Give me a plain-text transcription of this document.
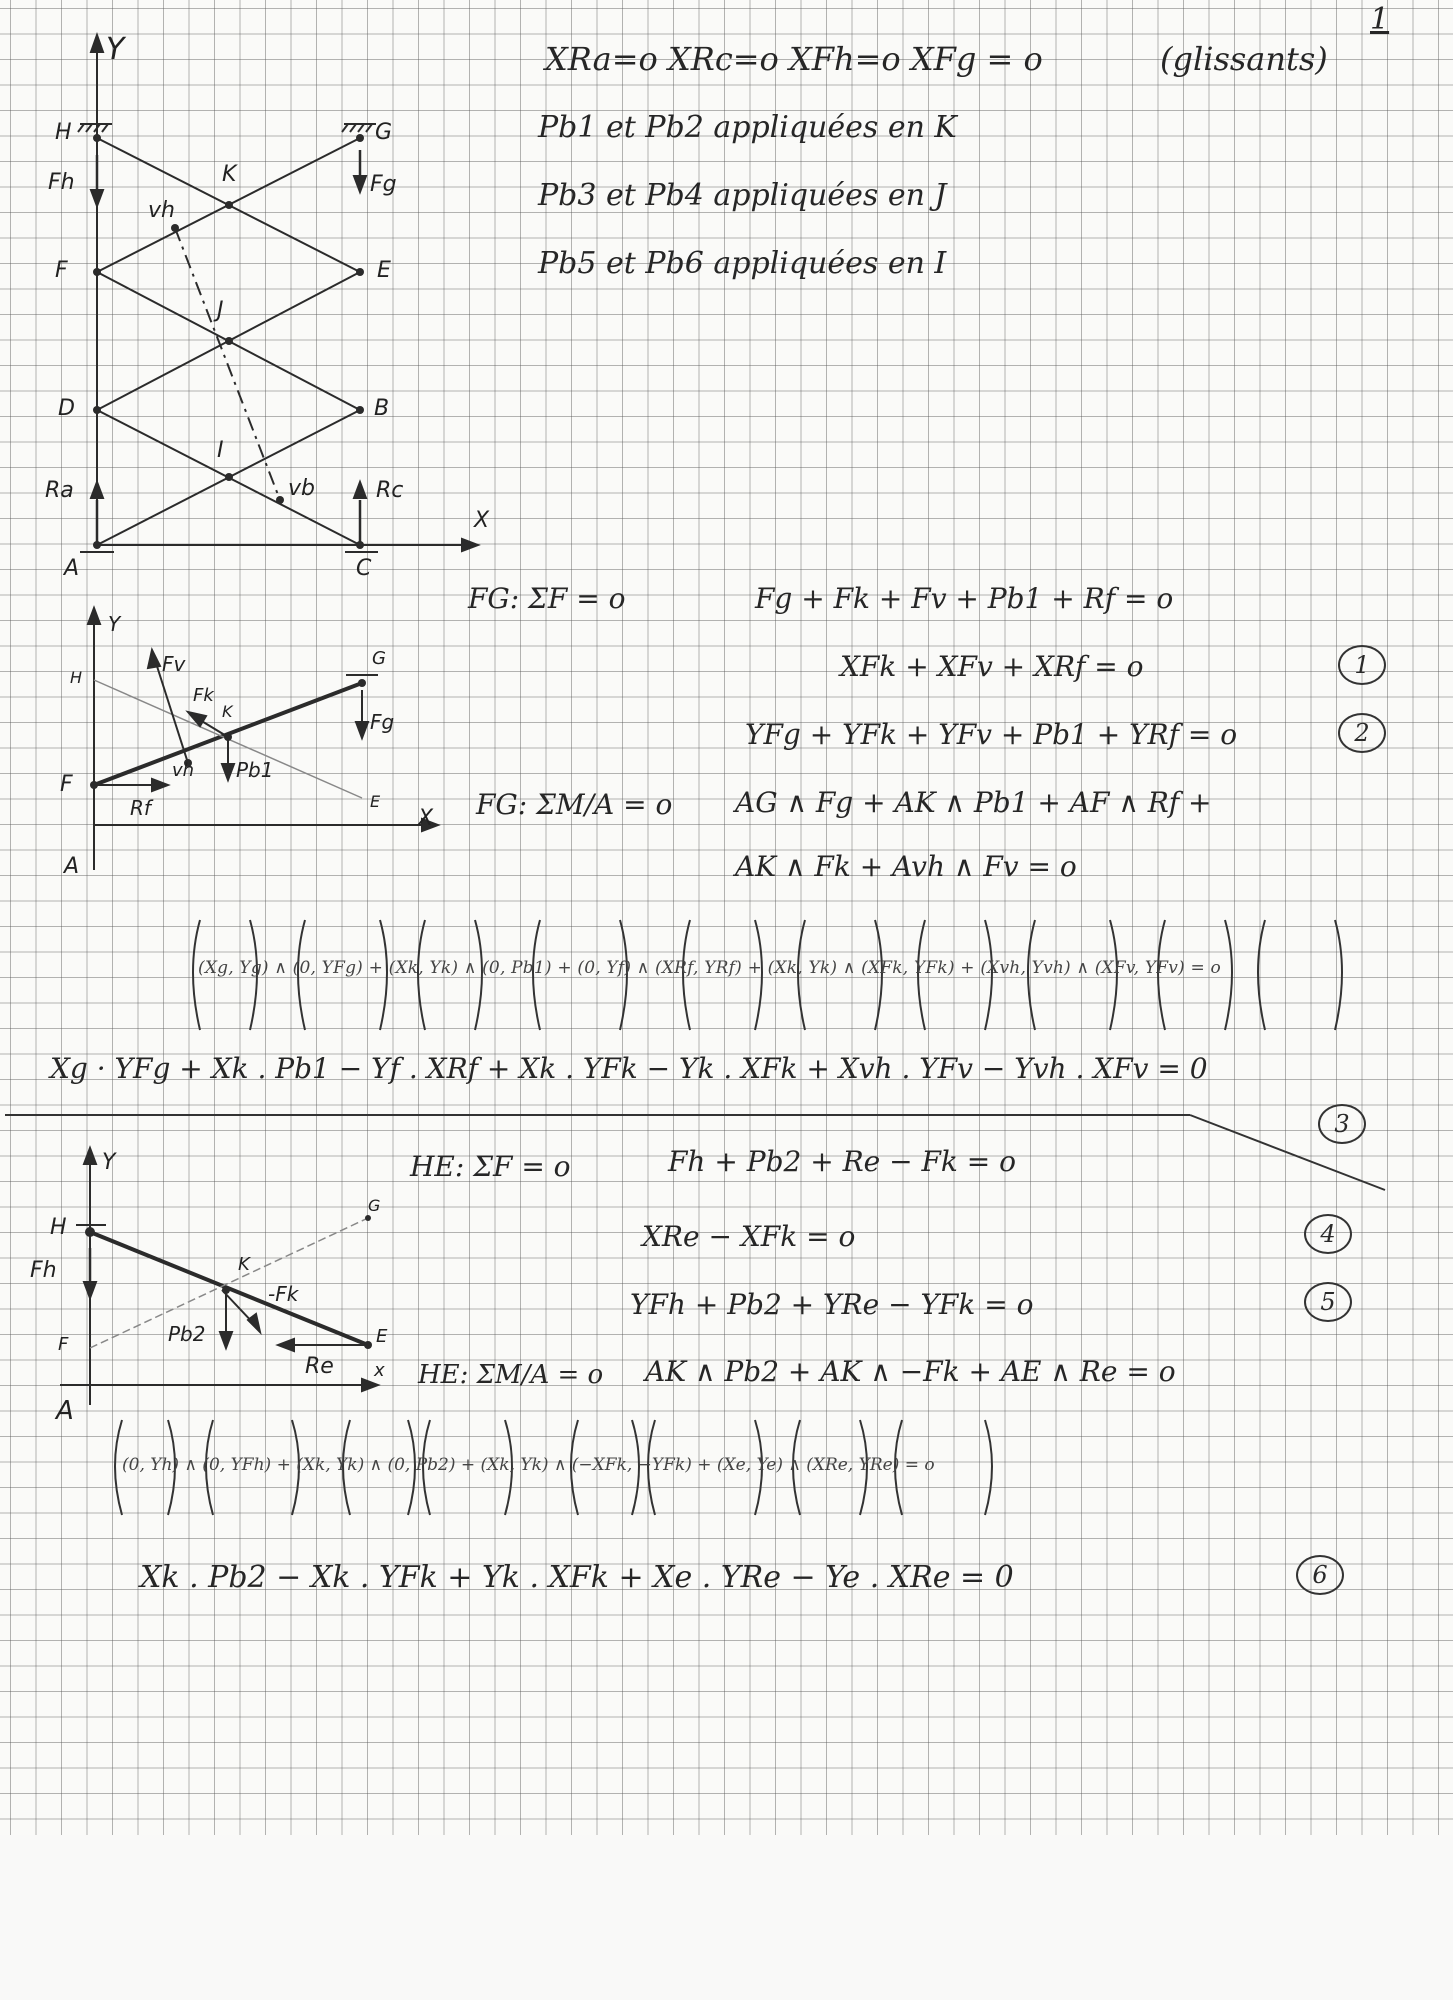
1
XRa=o XRc=o XFh=o XFg = o	(glissants)
Pb1 et Pb2 appliquées en K
Pb3 et Pb4 appliquées en J
Pb5 et Pb6 appliquées en I
Y
H	G
K
vh
F	E
J
D	B
I
vb
A	C
Fh	Fg
Ra	Rc
X
Y
H
G
Fv
Fk
K
vh Pb1
Fg
F
E
Rf
A
X
Y
H
G
Fh	K
-Fk
F	Pb2	E
Re
A
x
FG: ΣF = o	Fg + Fk + Fv + Pb1 + Rf = o
XFk + XFv + XRf = o	1
YFg + YFk + YFv + Pb1 + YRf = o	2
FG: ΣM/A = o AG ∧ Fg + AK ∧ Pb1 + AF ∧ Rf +
AK ∧ Fk + Avh ∧ Fv = o
(Xg, Yg) ∧ (0, YFg) + (Xk, Yk) ∧ (0, Pb1) + (0, Yf) ∧ (XRf, YRf) + (Xk, Yk) ∧ (XFk, YFk) + (Xvh, Yvh) ∧ (XFv, YFv) = o
Xg · YFg + Xk . Pb1 − Yf . XRf + Xk . YFk − Yk . XFk + Xvh . YFv − Yvh . XFv = 0
3
HE: ΣF = o	Fh + Pb2 + Re − Fk = o
XRe − XFk = o	4
YFh + Pb2 + YRe − YFk = o	5
HE: ΣM/A = o AK ∧ Pb2 + AK ∧ −Fk + AE ∧ Re = o
(0, Yh) ∧ (0, YFh) + (Xk, Yk) ∧ (0, Pb2) + (Xk, Yk) ∧ (−XFk, −YFk) + (Xe, Ye) ∧ (XRe, YRe) = o
Xk . Pb2 − Xk . YFk + Yk . XFk + Xe . YRe − Ye . XRe = 0	6
